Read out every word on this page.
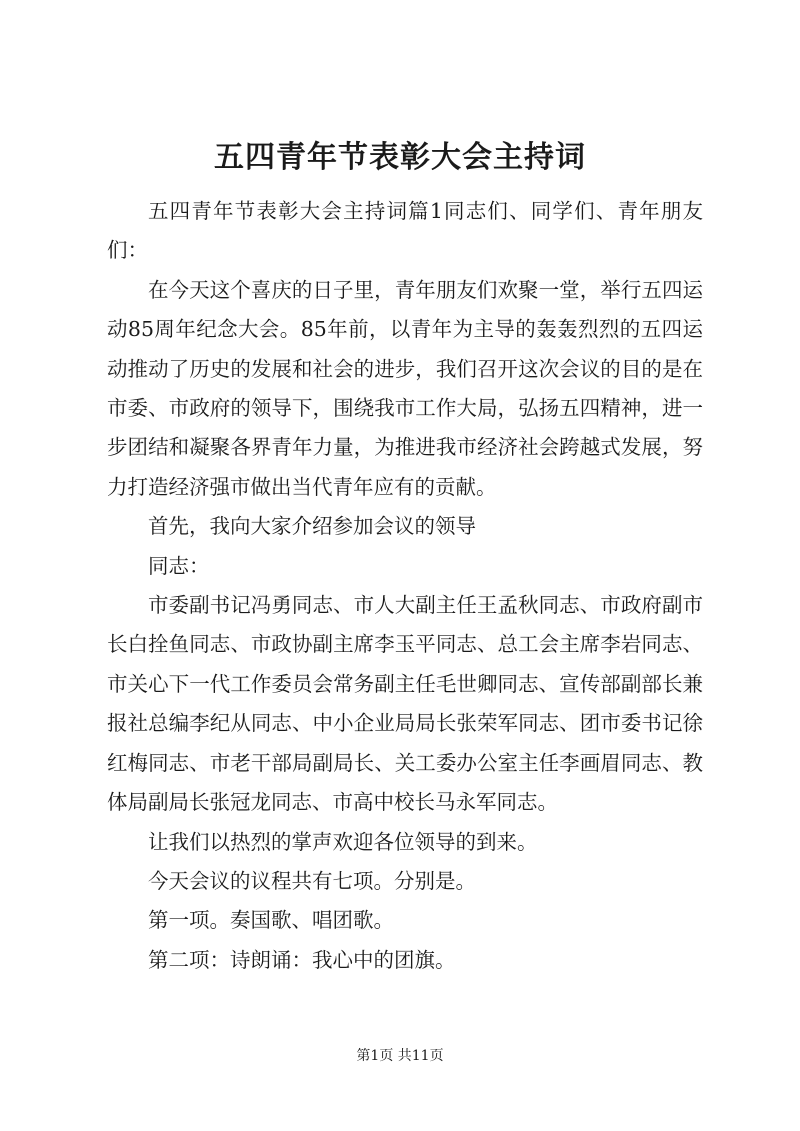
五四青年节表彰大会主持词

五四青年节表彰大会主持词篇1同志们、同学们、青年朋友们：

在今天这个喜庆的日子里，青年朋友们欢聚一堂，举行五四运动85周年纪念大会。85年前，以青年为主导的轰轰烈烈的五四运动推动了历史的发展和社会的进步，我们召开这次会议的目的是在市委、市政府的领导下，围绕我市工作大局，弘扬五四精神，进一步团结和凝聚各界青年力量，为推进我市经济社会跨越式发展，努力打造经济强市做出当代青年应有的贡献。

首先，我向大家介绍参加会议的领导

同志：

市委副书记冯勇同志、市人大副主任王孟秋同志、市政府副市长白拴鱼同志、市政协副主席李玉平同志、总工会主席李岩同志、市关心下一代工作委员会常务副主任毛世卿同志、宣传部副部长兼报社总编李纪从同志、中小企业局局长张荣军同志、团市委书记徐红梅同志、市老干部局副局长、关工委办公室主任李画眉同志、教体局副局长张冠龙同志、市高中校长马永军同志。

让我们以热烈的掌声欢迎各位领导的到来。

今天会议的议程共有七项。分别是。

第一项。奏国歌、唱团歌。

第二项：诗朗诵：我心中的团旗。

第1页 共11页
